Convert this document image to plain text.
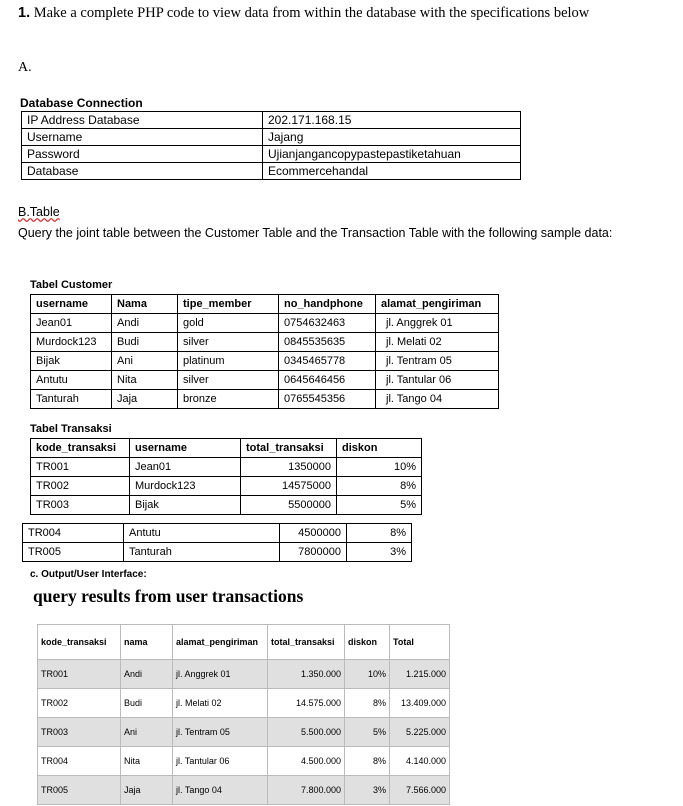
1. Make a complete PHP code to view data from within the database with the specifications below
A.
Database Connection
IP Address Database	202.171.168.15
Username	Jajang
Password	Ujianjangancopypastepastiketahuan
Database	Ecommercehandal
B.Table
Query the joint table between the Customer Table and the Transaction Table with the following sample data:
Tabel Customer
username	Nama	tipe_member	no_handphone	alamat_pengiriman
Jean01	Andi	gold	0754632463	jl. Anggrek 01
Murdock123	Budi	silver	0845535635	jl. Melati 02
Bijak	Ani	platinum	0345465778	jl. Tentram 05
Antutu	Nita	silver	0645646456	jl. Tantular 06
Tanturah	Jaja	bronze	0765545356	jl. Tango 04
Tabel Transaksi
kode_transaksi	username	total_transaksi	diskon
TR001	Jean01	1350000	10%
TR002	Murdock123	14575000	8%
TR003	Bijak	5500000	5%
TR004	Antutu	4500000	8%
TR005	Tanturah	7800000	3%
c. Output/User Interface:
query results from user transactions
kode_transaksi	nama	alamat_pengiriman	total_transaksi	diskon	Total
TR001	Andi	jl. Anggrek 01	1.350.000	10%	1.215.000
TR002	Budi	jl. Melati 02	14.575.000	8%	13.409.000
TR003	Ani	jl. Tentram 05	5.500.000	5%	5.225.000
TR004	Nita	jl. Tantular 06	4.500.000	8%	4.140.000
TR005	Jaja	jl. Tango 04	7.800.000	3%	7.566.000
